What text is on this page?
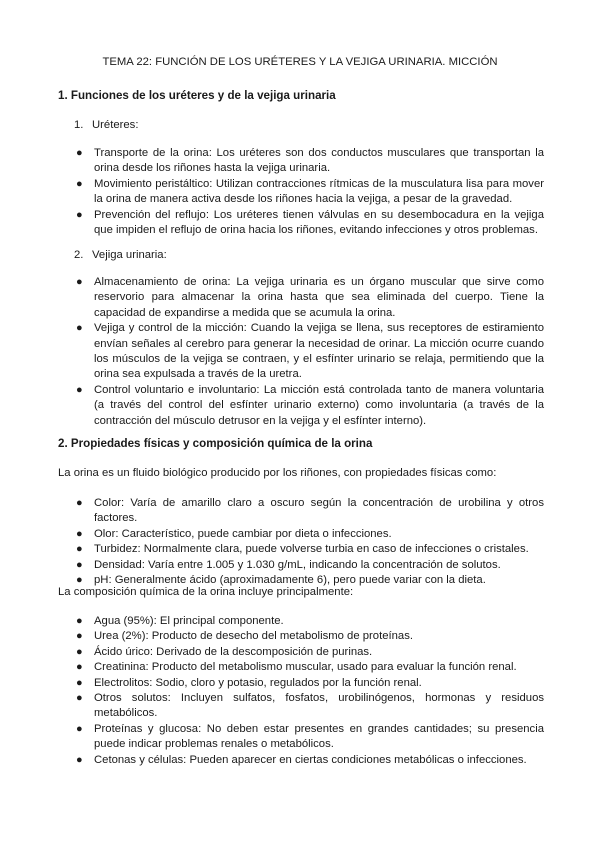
TEMA 22: FUNCIÓN DE LOS URÉTERES Y LA VEJIGA URINARIA. MICCIÓN
1. Funciones de los uréteres y de la vejiga urinaria
1. Uréteres:
● Transporte de la orina: Los uréteres son dos conductos musculares que transportan la orina desde los riñones hasta la vejiga urinaria.
● Movimiento peristáltico: Utilizan contracciones rítmicas de la musculatura lisa para mover la orina de manera activa desde los riñones hacia la vejiga, a pesar de la gravedad.
● Prevención del reflujo: Los uréteres tienen válvulas en su desembocadura en la vejiga que impiden el reflujo de orina hacia los riñones, evitando infecciones y otros problemas.
2. Vejiga urinaria:
● Almacenamiento de orina: La vejiga urinaria es un órgano muscular que sirve como reservorio para almacenar la orina hasta que sea eliminada del cuerpo. Tiene la capacidad de expandirse a medida que se acumula la orina.
● Vejiga y control de la micción: Cuando la vejiga se llena, sus receptores de estiramiento envían señales al cerebro para generar la necesidad de orinar. La micción ocurre cuando los músculos de la vejiga se contraen, y el esfínter urinario se relaja, permitiendo que la orina sea expulsada a través de la uretra.
● Control voluntario e involuntario: La micción está controlada tanto de manera voluntaria (a través del control del esfínter urinario externo) como involuntaria (a través de la contracción del músculo detrusor en la vejiga y el esfínter interno).
2. Propiedades físicas y composición química de la orina
La orina es un fluido biológico producido por los riñones, con propiedades físicas como:
● Color: Varía de amarillo claro a oscuro según la concentración de urobilina y otros factores.
● Olor: Característico, puede cambiar por dieta o infecciones.
● Turbidez: Normalmente clara, puede volverse turbia en caso de infecciones o cristales.
● Densidad: Varía entre 1.005 y 1.030 g/mL, indicando la concentración de solutos.
● pH: Generalmente ácido (aproximadamente 6), pero puede variar con la dieta.
La composición química de la orina incluye principalmente:
● Agua (95%): El principal componente.
● Urea (2%): Producto de desecho del metabolismo de proteínas.
● Ácido úrico: Derivado de la descomposición de purinas.
● Creatinina: Producto del metabolismo muscular, usado para evaluar la función renal.
● Electrolitos: Sodio, cloro y potasio, regulados por la función renal.
● Otros solutos: Incluyen sulfatos, fosfatos, urobilinógenos, hormonas y residuos metabólicos.
● Proteínas y glucosa: No deben estar presentes en grandes cantidades; su presencia puede indicar problemas renales o metabólicos.
● Cetonas y células: Pueden aparecer en ciertas condiciones metabólicas o infecciones.
